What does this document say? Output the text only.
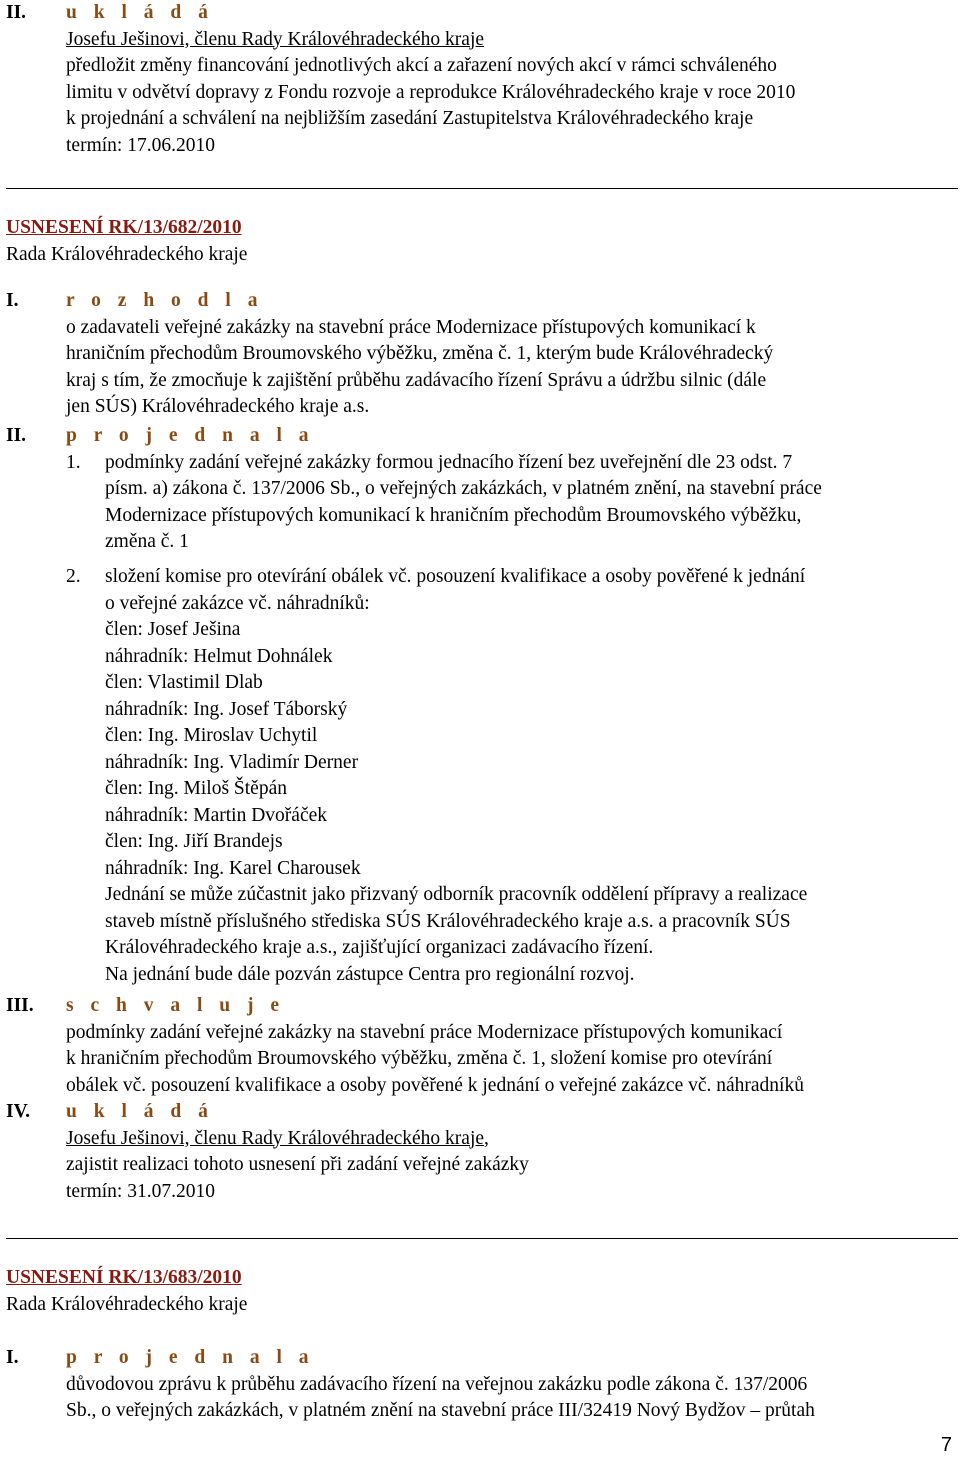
II.	u k l á d á
Josefu Ješinovi, členu Rady Královéhradeckého kraje
předložit změny financování jednotlivých akcí a zařazení nových akcí v rámci schváleného
limitu v odvětví dopravy z Fondu rozvoje a reprodukce Královéhradeckého kraje v roce 2010
k projednání a schválení na nejbližším zasedání Zastupitelstva Královéhradeckého kraje
termín: 17.06.2010
USNESENÍ RK/13/682/2010
Rada Královéhradeckého kraje
I.	r o z h o d l a
o zadavateli veřejné zakázky na stavební práce Modernizace přístupových komunikací k
hraničním přechodům Broumovského výběžku, změna č. 1, kterým bude Královéhradecký
kraj s tím, že zmocňuje k zajištění průběhu zadávacího řízení Správu a údržbu silnic (dále
jen SÚS) Královéhradeckého kraje a.s.
II.	p r o j e d n a l a
1.	podmínky zadání veřejné zakázky formou jednacího řízení bez uveřejnění dle 23 odst. 7
písm. a) zákona č. 137/2006 Sb., o veřejných zakázkách, v platném znění, na stavební práce
Modernizace přístupových komunikací k hraničním přechodům Broumovského výběžku,
změna č. 1
2.	složení komise pro otevírání obálek vč. posouzení kvalifikace a osoby pověřené k jednání
o veřejné zakázce vč. náhradníků:
člen: Josef Ješina
náhradník: Helmut Dohnálek
člen: Vlastimil Dlab
náhradník: Ing. Josef Táborský
člen: Ing. Miroslav Uchytil
náhradník: Ing. Vladimír Derner
člen: Ing. Miloš Štěpán
náhradník: Martin Dvořáček
člen: Ing. Jiří Brandejs
náhradník: Ing. Karel Charousek
Jednání se může zúčastnit jako přizvaný odborník pracovník oddělení přípravy a realizace
staveb místně příslušného střediska SÚS Královéhradeckého kraje a.s. a pracovník SÚS
Královéhradeckého kraje a.s., zajišťující organizaci zadávacího řízení.
Na jednání bude dále pozván zástupce Centra pro regionální rozvoj.
III.	s c h v a l u j e
podmínky zadání veřejné zakázky na stavební práce Modernizace přístupových komunikací
k hraničním přechodům Broumovského výběžku, změna č. 1, složení komise pro otevírání
obálek vč. posouzení kvalifikace a osoby pověřené k jednání o veřejné zakázce vč. náhradníků
IV.	u k l á d á
Josefu Ješinovi, členu Rady Královéhradeckého kraje,
zajistit realizaci tohoto usnesení při zadání veřejné zakázky
termín: 31.07.2010
USNESENÍ RK/13/683/2010
Rada Královéhradeckého kraje
I.	p r o j e d n a l a
důvodovou zprávu k průběhu zadávacího řízení na veřejnou zakázku podle zákona č. 137/2006
Sb., o veřejných zakázkách, v platném znění na stavební práce III/32419 Nový Bydžov – průtah
7
